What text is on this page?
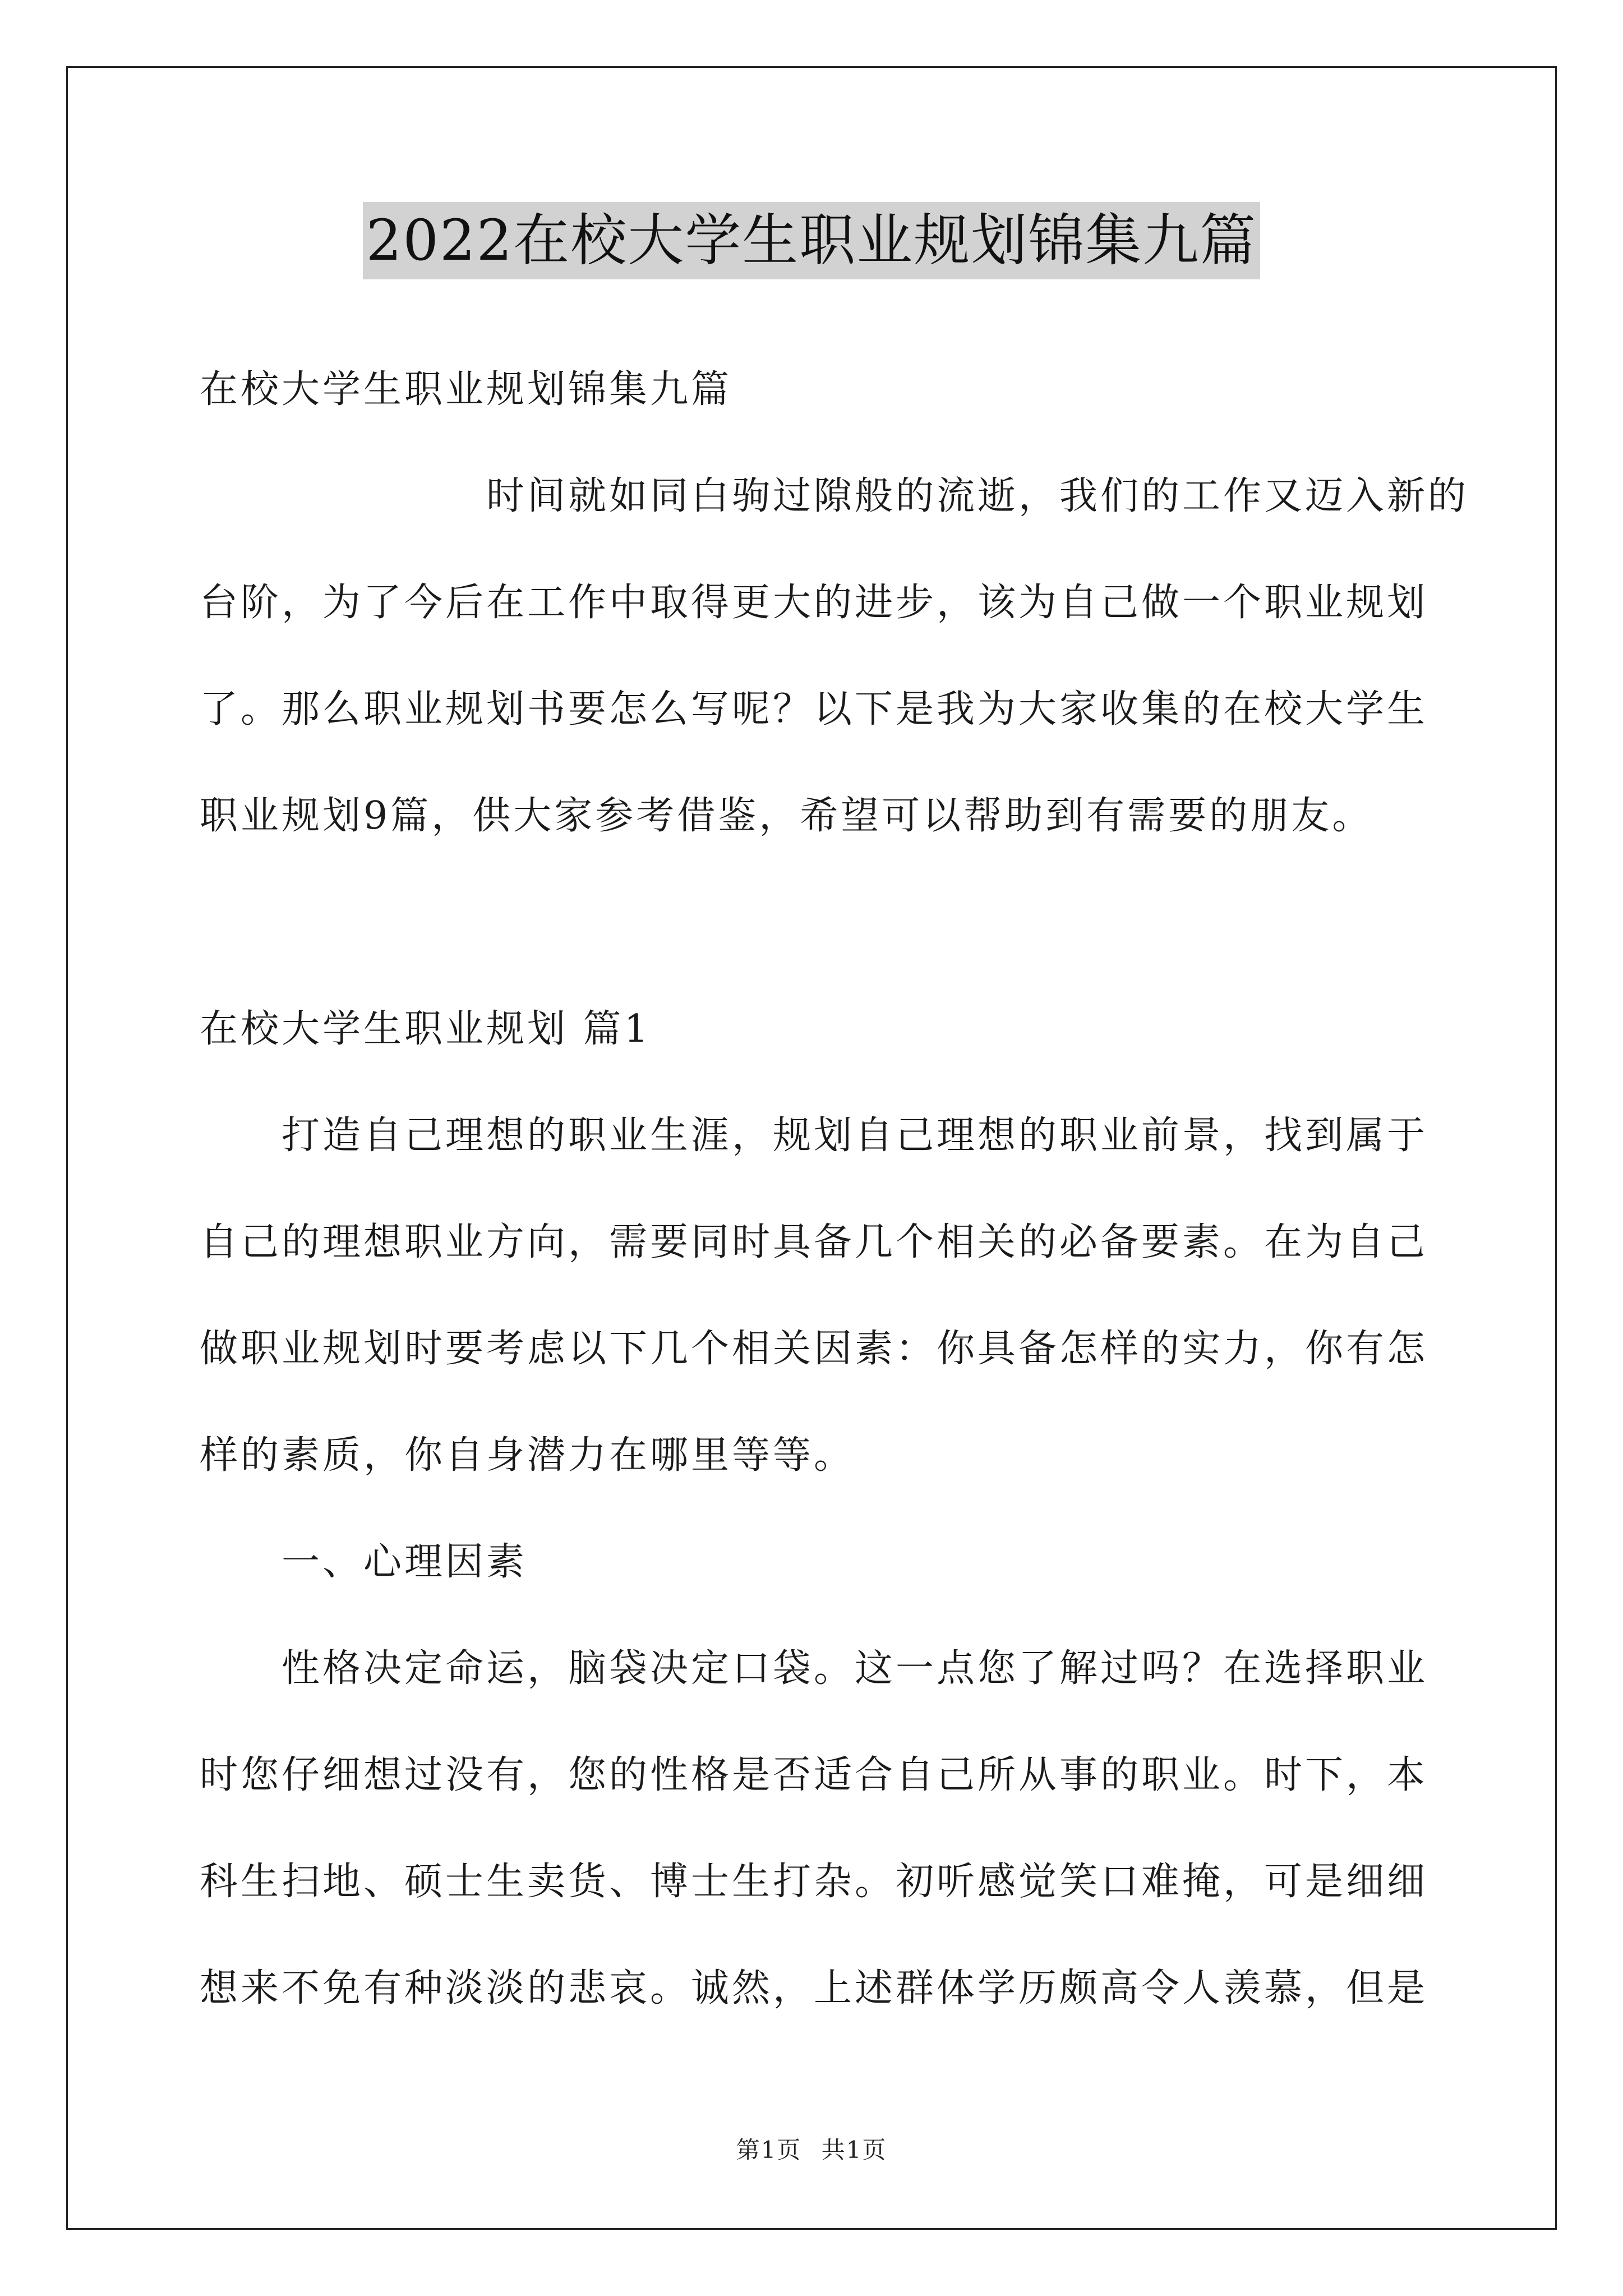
2022在校大学生职业规划锦集九篇
在校大学生职业规划锦集九篇
　　　　　　　时间就如同白驹过隙般的流逝，我们的工作又迈入新的
台阶，为了今后在工作中取得更大的进步，该为自己做一个职业规划
了。那么职业规划书要怎么写呢？以下是我为大家收集的在校大学生
职业规划9篇，供大家参考借鉴，希望可以帮助到有需要的朋友。
在校大学生职业规划 篇1
　　打造自己理想的职业生涯，规划自己理想的职业前景，找到属于
自己的理想职业方向，需要同时具备几个相关的必备要素。在为自己
做职业规划时要考虑以下几个相关因素：你具备怎样的实力，你有怎
样的素质，你自身潜力在哪里等等。
　　一、心理因素
　　性格决定命运，脑袋决定口袋。这一点您了解过吗？在选择职业
时您仔细想过没有，您的性格是否适合自己所从事的职业。时下，本
科生扫地、硕士生卖货、博士生打杂。初听感觉笑口难掩，可是细细
想来不免有种淡淡的悲哀。诚然，上述群体学历颇高令人羡慕，但是
第1页 共1页
